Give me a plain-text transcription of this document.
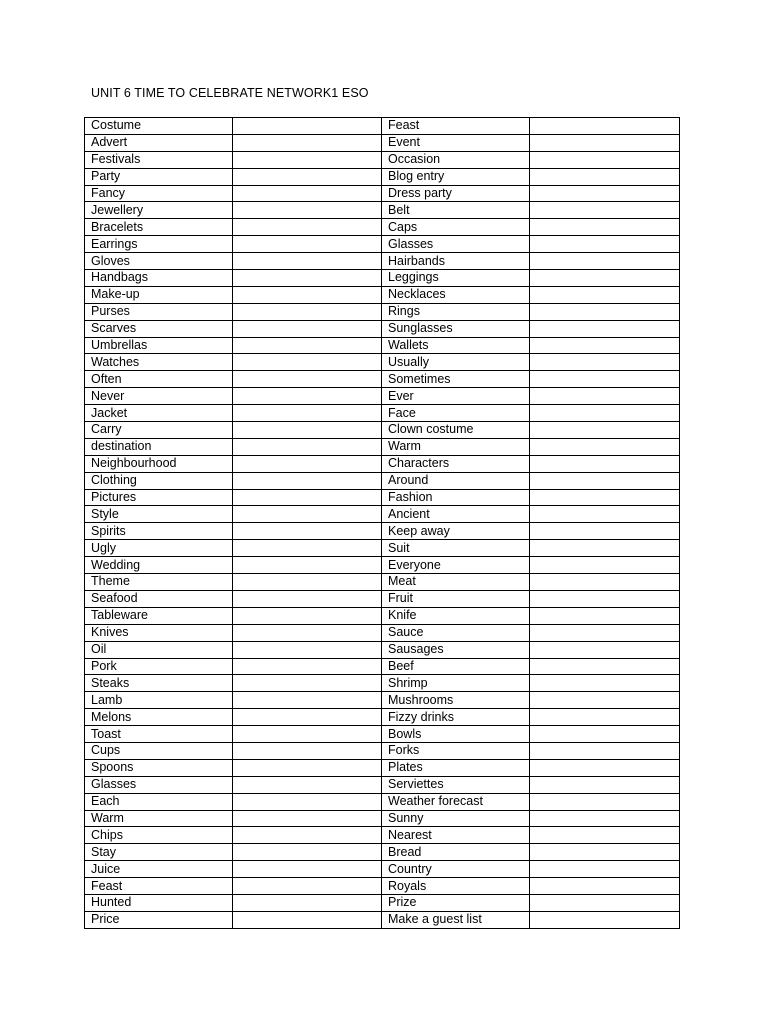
UNIT 6 TIME TO CELEBRATE NETWORK1 ESO
Costume		Feast	
Advert		Event	
Festivals		Occasion	
Party		Blog entry	
Fancy		Dress party	
Jewellery		Belt	
Bracelets		Caps	
Earrings		Glasses	
Gloves		Hairbands	
Handbags		Leggings	
Make-up		Necklaces	
Purses		Rings	
Scarves		Sunglasses	
Umbrellas		Wallets	
Watches		Usually	
Often		Sometimes	
Never		Ever	
Jacket		Face	
Carry		Clown costume	
destination		Warm	
Neighbourhood		Characters	
Clothing		Around	
Pictures		Fashion	
Style		Ancient	
Spirits		Keep away	
Ugly		Suit	
Wedding		Everyone	
Theme		Meat	
Seafood		Fruit	
Tableware		Knife	
Knives		Sauce	
Oil		Sausages	
Pork		Beef	
Steaks		Shrimp	
Lamb		Mushrooms	
Melons		Fizzy drinks	
Toast		Bowls	
Cups		Forks	
Spoons		Plates	
Glasses		Serviettes	
Each		Weather forecast	
Warm		Sunny	
Chips		Nearest	
Stay		Bread	
Juice		Country	
Feast		Royals	
Hunted		Prize	
Price		Make a guest list	
